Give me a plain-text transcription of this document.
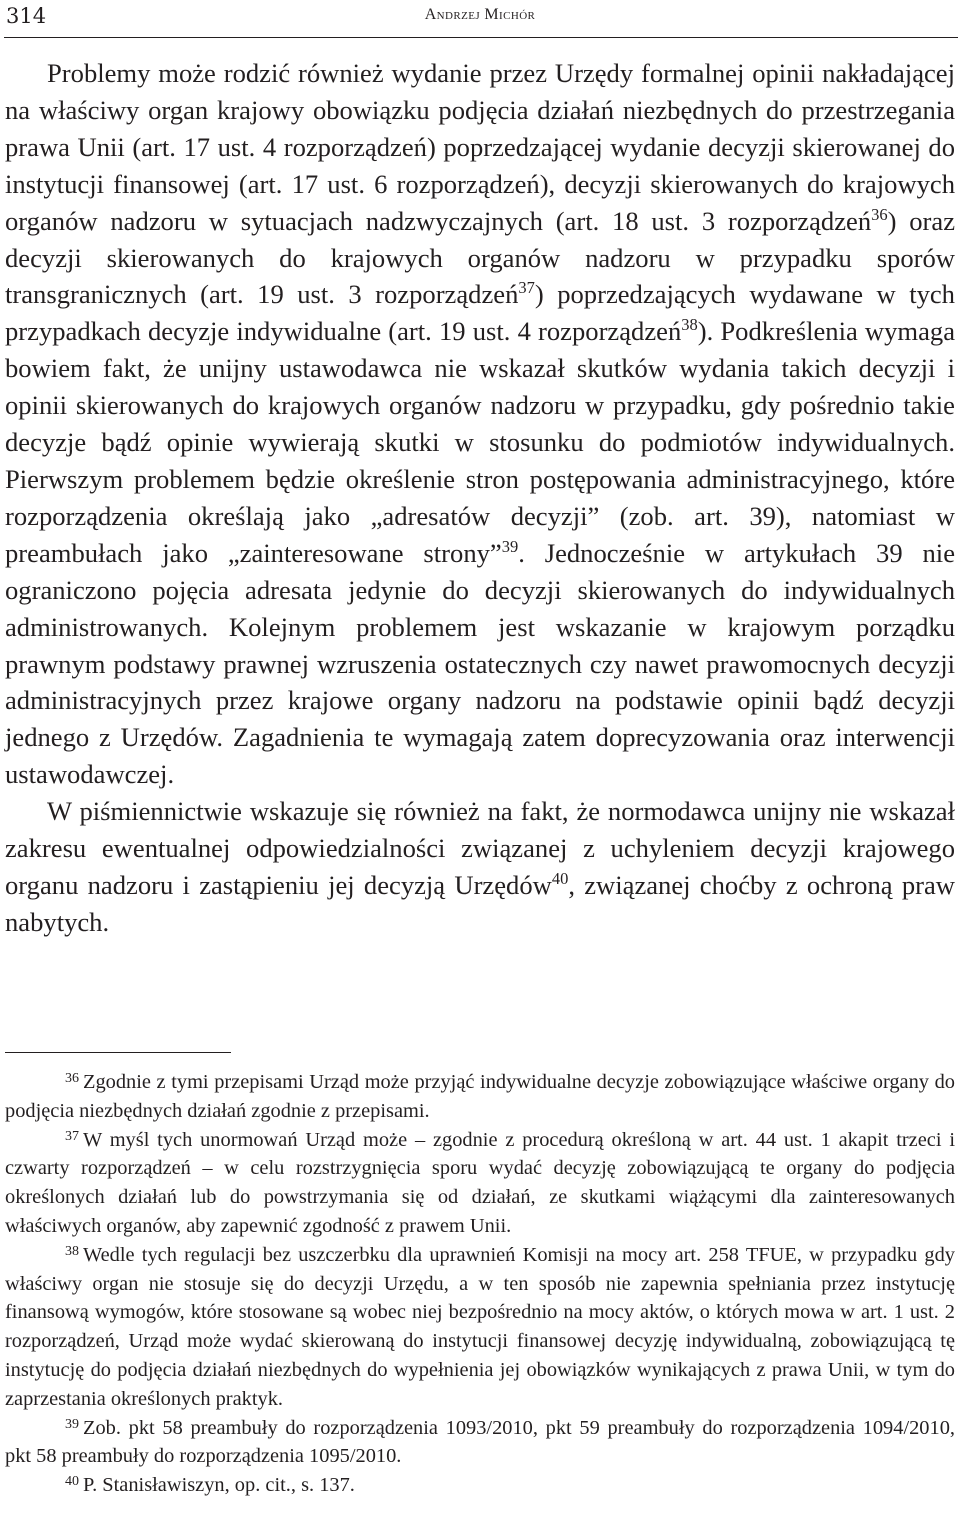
314	Andrzej Michór

Problemy może rodzić również wydanie przez Urzędy formalnej opinii nakładającej na właściwy organ krajowy obowiązku podjęcia działań niezbędnych do przestrzegania prawa Unii (art. 17 ust. 4 rozporządzeń) poprzedzającej wydanie decyzji skierowanej do instytucji finansowej (art. 17 ust. 6 rozporządzeń), decyzji skierowanych do krajowych organów nadzoru w sytuacjach nadzwyczajnych (art. 18 ust. 3 rozporządzeń$^{36}$) oraz decyzji skierowanych do krajowych organów nadzoru w przypadku sporów transgranicznych (art. 19 ust. 3 rozporządzeń$^{37}$) poprzedzających wydawane w tych przypadkach decyzje indywidualne (art. 19 ust. 4 rozporządzeń$^{38}$). Podkreślenia wymaga bowiem fakt, że unijny ustawodawca nie wskazał skutków wydania takich decyzji i opinii skierowanych do krajowych organów nadzoru w przypadku, gdy pośrednio takie decyzje bądź opinie wywierają skutki w stosunku do podmiotów indywidualnych. Pierwszym problemem będzie określenie stron postępowania administracyjnego, które rozporządzenia określają jako „adresatów decyzji” (zob. art. 39), natomiast w preambułach jako „zainteresowane strony”$^{39}$. Jednocześnie w artykułach 39 nie ograniczono pojęcia adresata jedynie do decyzji skierowanych do indywidualnych administrowanych. Kolejnym problemem jest wskazanie w krajowym porządku prawnym podstawy prawnej wzruszenia ostatecznych czy nawet prawomocnych decyzji administracyjnych przez krajowe organy nadzoru na podstawie opinii bądź decyzji jednego z Urzędów. Zagadnienia te wymagają zatem doprecyzowania oraz interwencji ustawodawczej.

W piśmiennictwie wskazuje się również na fakt, że normodawca unijny nie wskazał zakresu ewentualnej odpowiedzialności związanej z uchyleniem decyzji krajowego organu nadzoru i zastąpieniu jej decyzją Urzędów$^{40}$, związanej choćby z ochroną praw nabytych.

36 Zgodnie z tymi przepisami Urząd może przyjąć indywidualne decyzje zobowiązujące właściwe organy do podjęcia niezbędnych działań zgodnie z przepisami.

37 W myśl tych unormowań Urząd może – zgodnie z procedurą określoną w art. 44 ust. 1 akapit trzeci i czwarty rozporządzeń – w celu rozstrzygnięcia sporu wydać decyzję zobowiązującą te organy do podjęcia określonych działań lub do powstrzymania się od działań, ze skutkami wiążącymi dla zainteresowanych właściwych organów, aby zapewnić zgodność z prawem Unii.

38 Wedle tych regulacji bez uszczerbku dla uprawnień Komisji na mocy art. 258 TFUE, w przypadku gdy właściwy organ nie stosuje się do decyzji Urzędu, a w ten sposób nie zapewnia spełniania przez instytucję finansową wymogów, które stosowane są wobec niej bezpośrednio na mocy aktów, o których mowa w art. 1 ust. 2 rozporządzeń, Urząd może wydać skierowaną do instytucji finansowej decyzję indywidualną, zobowiązującą tę instytucję do podjęcia działań niezbędnych do wypełnienia jej obowiązków wynikających z prawa Unii, w tym do zaprzestania określonych praktyk.

39 Zob. pkt 58 preambuły do rozporządzenia 1093/2010, pkt 59 preambuły do rozporządzenia 1094/2010, pkt 58 preambuły do rozporządzenia 1095/2010.

40 P. Stanisławiszyn, op. cit., s. 137.
